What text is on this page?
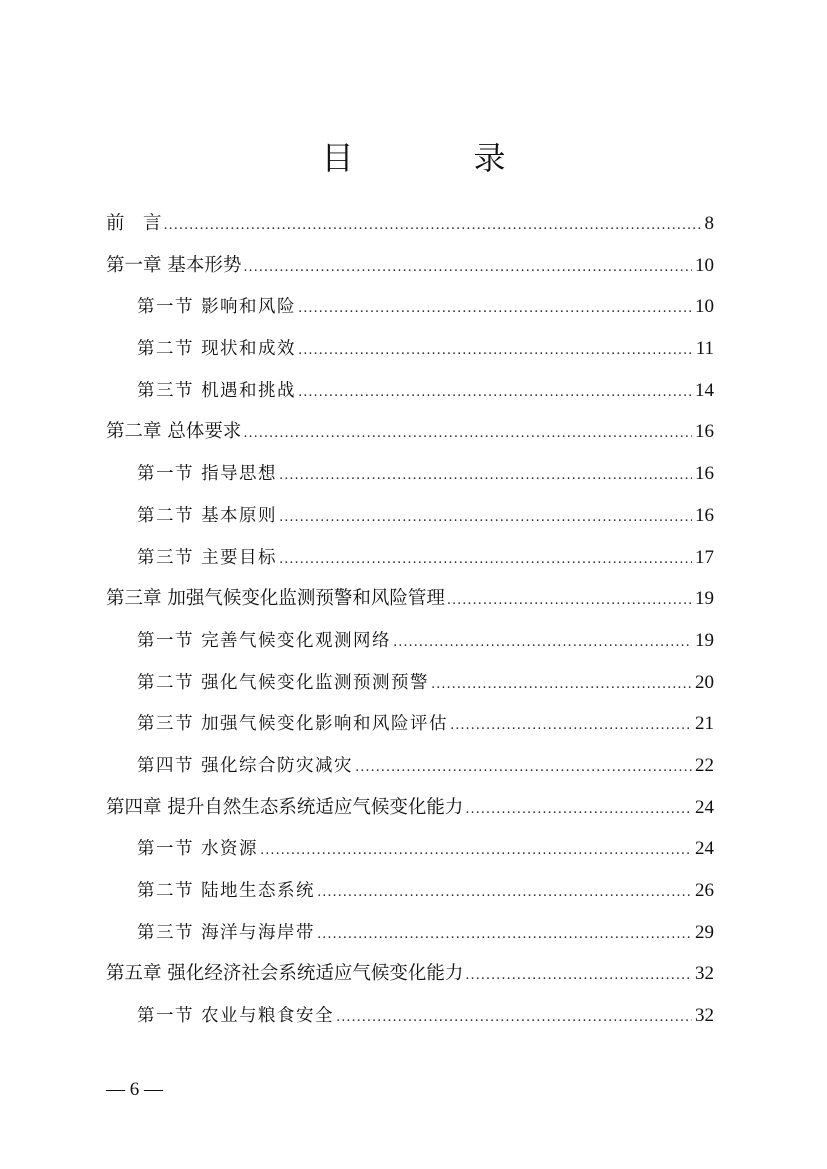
目　录
前　言 .....	8
第一章 基本形势 .....	10
第一节 影响和风险 .....	10
第二节 现状和成效 .....	11
第三节 机遇和挑战 .....	14
第二章 总体要求 .....	16
第一节 指导思想 .....	16
第二节 基本原则 .....	16
第三节 主要目标 .....	17
第三章 加强气候变化监测预警和风险管理 .....	19
第一节 完善气候变化观测网络 .....	19
第二节 强化气候变化监测预测预警 .....	20
第三节 加强气候变化影响和风险评估 .....	21
第四节 强化综合防灾减灾 .....	22
第四章 提升自然生态系统适应气候变化能力 .....	24
第一节 水资源 .....	24
第二节 陆地生态系统 .....	26
第三节 海洋与海岸带 .....	29
第五章 强化经济社会系统适应气候变化能力 .....	32
第一节 农业与粮食安全 .....	32
— 6 —
